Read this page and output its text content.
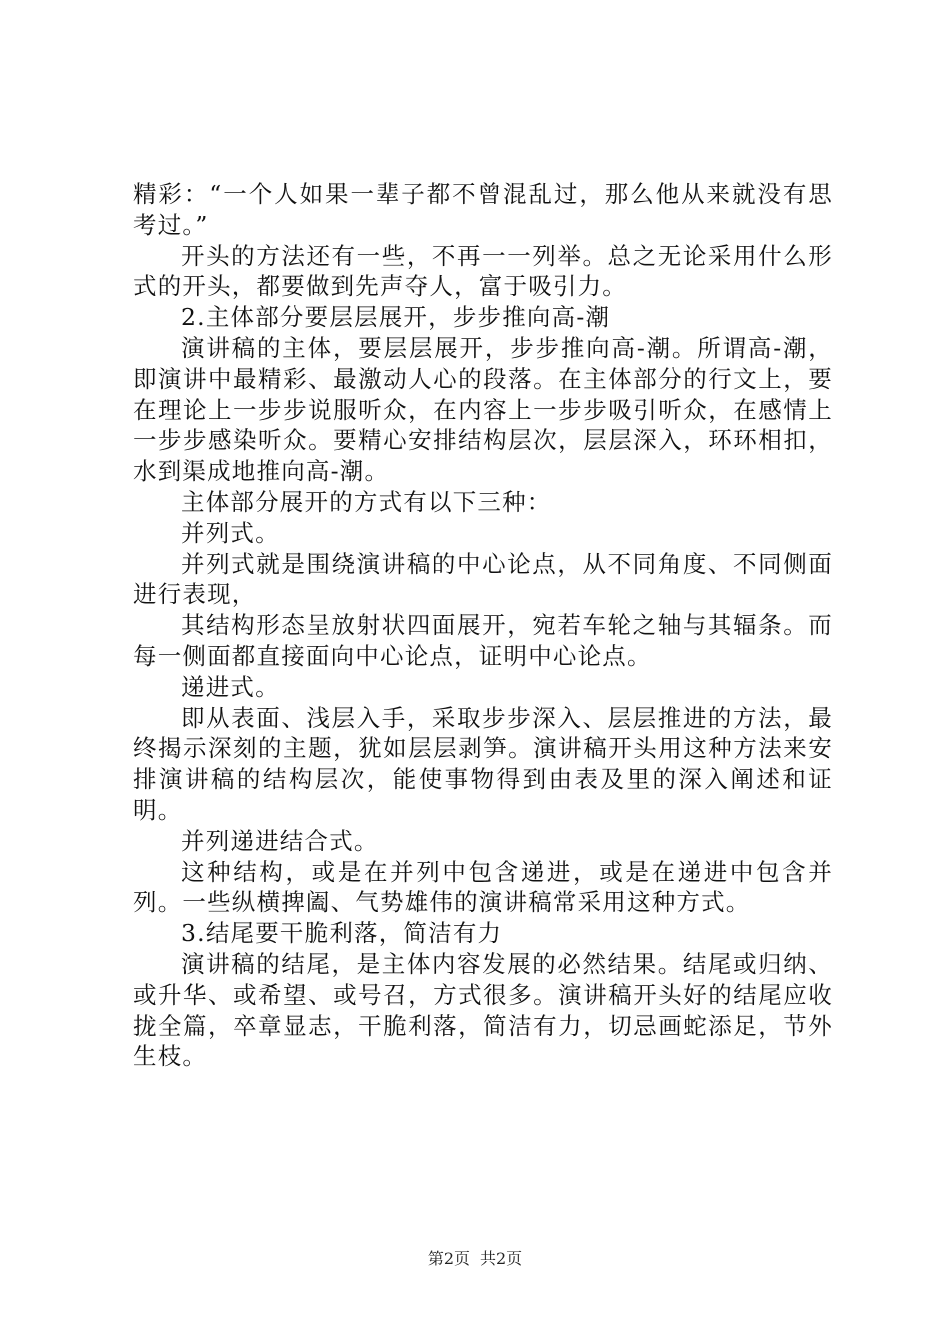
精彩：“一个人如果一辈子都不曾混乱过，那么他从来就没有思考过。”

开头的方法还有一些，不再一一列举。总之无论采用什么形式的开头，都要做到先声夺人，富于吸引力。

2.主体部分要层层展开，步步推向高-潮

演讲稿的主体，要层层展开，步步推向高-潮。所谓高-潮，即演讲中最精彩、最激动人心的段落。在主体部分的行文上，要在理论上一步步说服听众，在内容上一步步吸引听众，在感情上一步步感染听众。要精心安排结构层次，层层深入，环环相扣，水到渠成地推向高-潮。

主体部分展开的方式有以下三种：

并列式。

并列式就是围绕演讲稿的中心论点，从不同角度、不同侧面进行表现，

其结构形态呈放射状四面展开，宛若车轮之轴与其辐条。而每一侧面都直接面向中心论点，证明中心论点。

递进式。

即从表面、浅层入手，采取步步深入、层层推进的方法，最终揭示深刻的主题，犹如层层剥笋。演讲稿开头用这种方法来安排演讲稿的结构层次，能使事物得到由表及里的深入阐述和证明。

并列递进结合式。

这种结构，或是在并列中包含递进，或是在递进中包含并列。一些纵横捭阖、气势雄伟的演讲稿常采用这种方式。

3.结尾要干脆利落，简洁有力

演讲稿的结尾，是主体内容发展的必然结果。结尾或归纳、或升华、或希望、或号召，方式很多。演讲稿开头好的结尾应收拢全篇，卒章显志，干脆利落，简洁有力，切忌画蛇添足，节外生枝。

第2页 共2页
